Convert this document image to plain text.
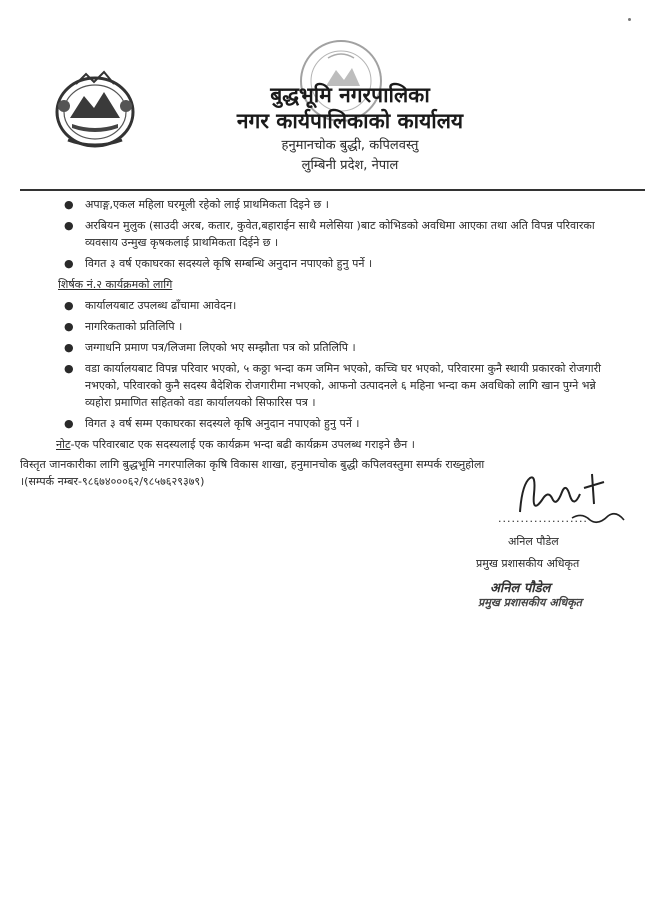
बुद्धभूमि नगरपालिका
नगर कार्यपालिकाको कार्यालय
हनुमानचोक बुद्धी, कपिलवस्तु
लुम्बिनी प्रदेश, नेपाल
● अपाङ्ग,एकल महिला घरमूली रहेको लाई प्राथमिकता दिइने छ ।
● अरबियन मुलुक (साउदी अरब, कतार, कुवेत,बहाराईन साथै मलेसिया )बाट कोभिडको अवधिमा आएका तथा अति विपन्न परिवारका व्यवसाय उन्मुख कृषकलाई प्राथमिकता दिईने छ ।
● विगत ३ वर्ष एकाघरका सदस्यले कृषि सम्बन्धि अनुदान नपाएको हुनु पर्ने ।
शिर्षक नं.२ कार्यक्रमको लागि
● कार्यालयबाट उपलब्ध ढाँचामा आवेदन।
● नागरिकताको प्रतिलिपि ।
● जग्गाधनि प्रमाण पत्र/लिजमा लिएको भए सम्झौता पत्र को प्रतिलिपि ।
● वडा कार्यालयबाट विपन्न परिवार भएको, ५ कठ्ठा भन्दा कम जमिन भएको, कच्चि घर भएको, परिवारमा कुनै स्थायी प्रकारको रोजगारी नभएको, परिवारको कुनै सदस्य बैदेशिक रोजगारीमा नभएको, आफनो उत्पादनले ६ महिना भन्दा कम अवधिको लागि खान पुग्ने भन्ने व्यहोरा प्रमाणित सहितको वडा कार्यालयको सिफारिस पत्र ।
● विगत ३ वर्ष सम्म एकाघरका सदस्यले कृषि अनुदान नपाएको हुनु पर्ने ।
नोट-एक परिवारबाट एक सदस्यलाई एक कार्यक्रम भन्दा बढी कार्यक्रम उपलब्ध गराइने छैन ।
विस्तृत जानकारीका लागि बुद्धभूमि नगरपालिका कृषि विकास शाखा, हनुमानचोक बुद्धी कपिलवस्तुमा सम्पर्क राख्नुहोला
।(सम्पर्क नम्बर-९८६७४०००६२/९८५७६२९३७९)
....................
अनिल पौडेल
प्रमुख प्रशासकीय अधिकृत
अनिल पौडेल
प्रमुख प्रशासकीय अधिकृत
